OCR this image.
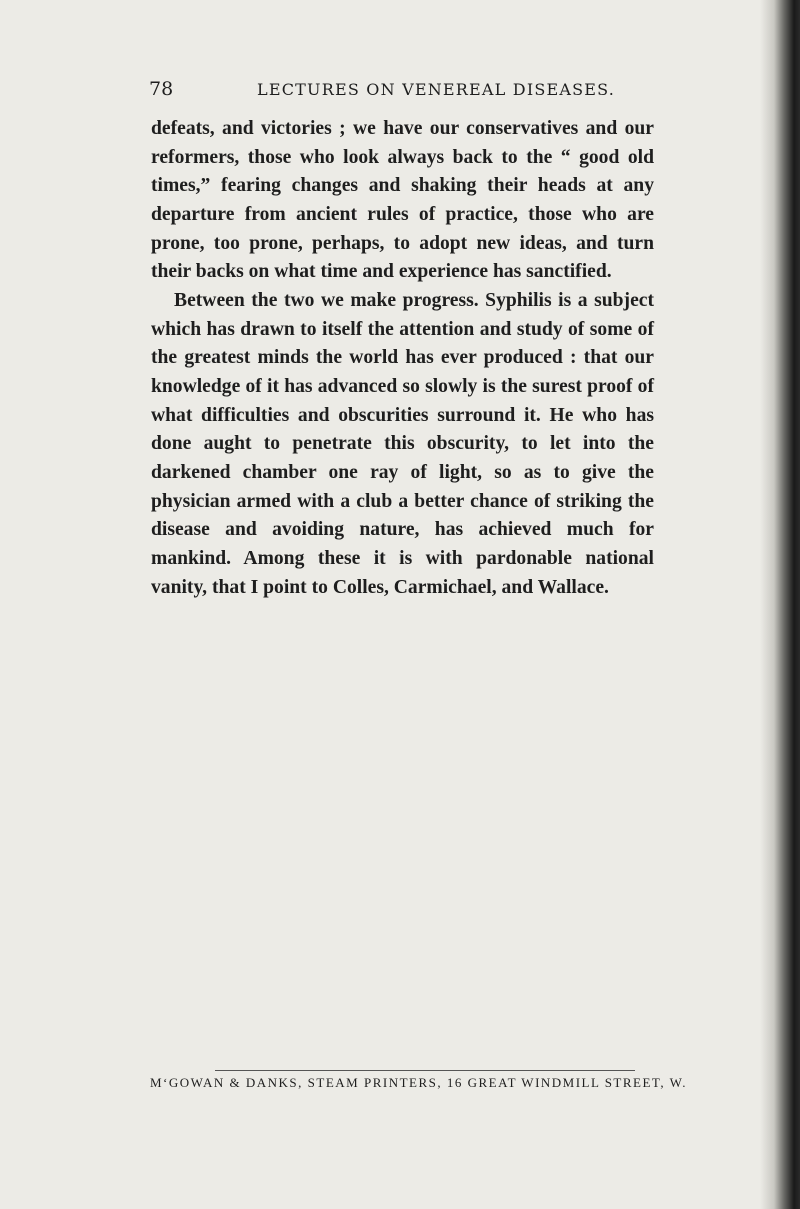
78	LECTURES ON VENEREAL DISEASES.

defeats, and victories ; we have our conservatives and our reformers, those who look always back to the “ good old times,” fearing changes and shaking their heads at any departure from ancient rules of practice, those who are prone, too prone, perhaps, to adopt new ideas, and turn their backs on what time and experience has sanctified.

Between the two we make progress. Syphilis is a subject which has drawn to itself the attention and study of some of the greatest minds the world has ever produced : that our knowledge of it has advanced so slowly is the surest proof of what difficulties and obscurities surround it. He who has done aught to penetrate this obscurity, to let into the darkened chamber one ray of light, so as to give the physician armed with a club a better chance of striking the disease and avoiding nature, has achieved much for mankind. Among these it is with pardonable national vanity, that I point to Colles, Carmichael, and Wallace.

M‘GOWAN & DANKS, STEAM PRINTERS, 16 GREAT WINDMILL STREET, W.
